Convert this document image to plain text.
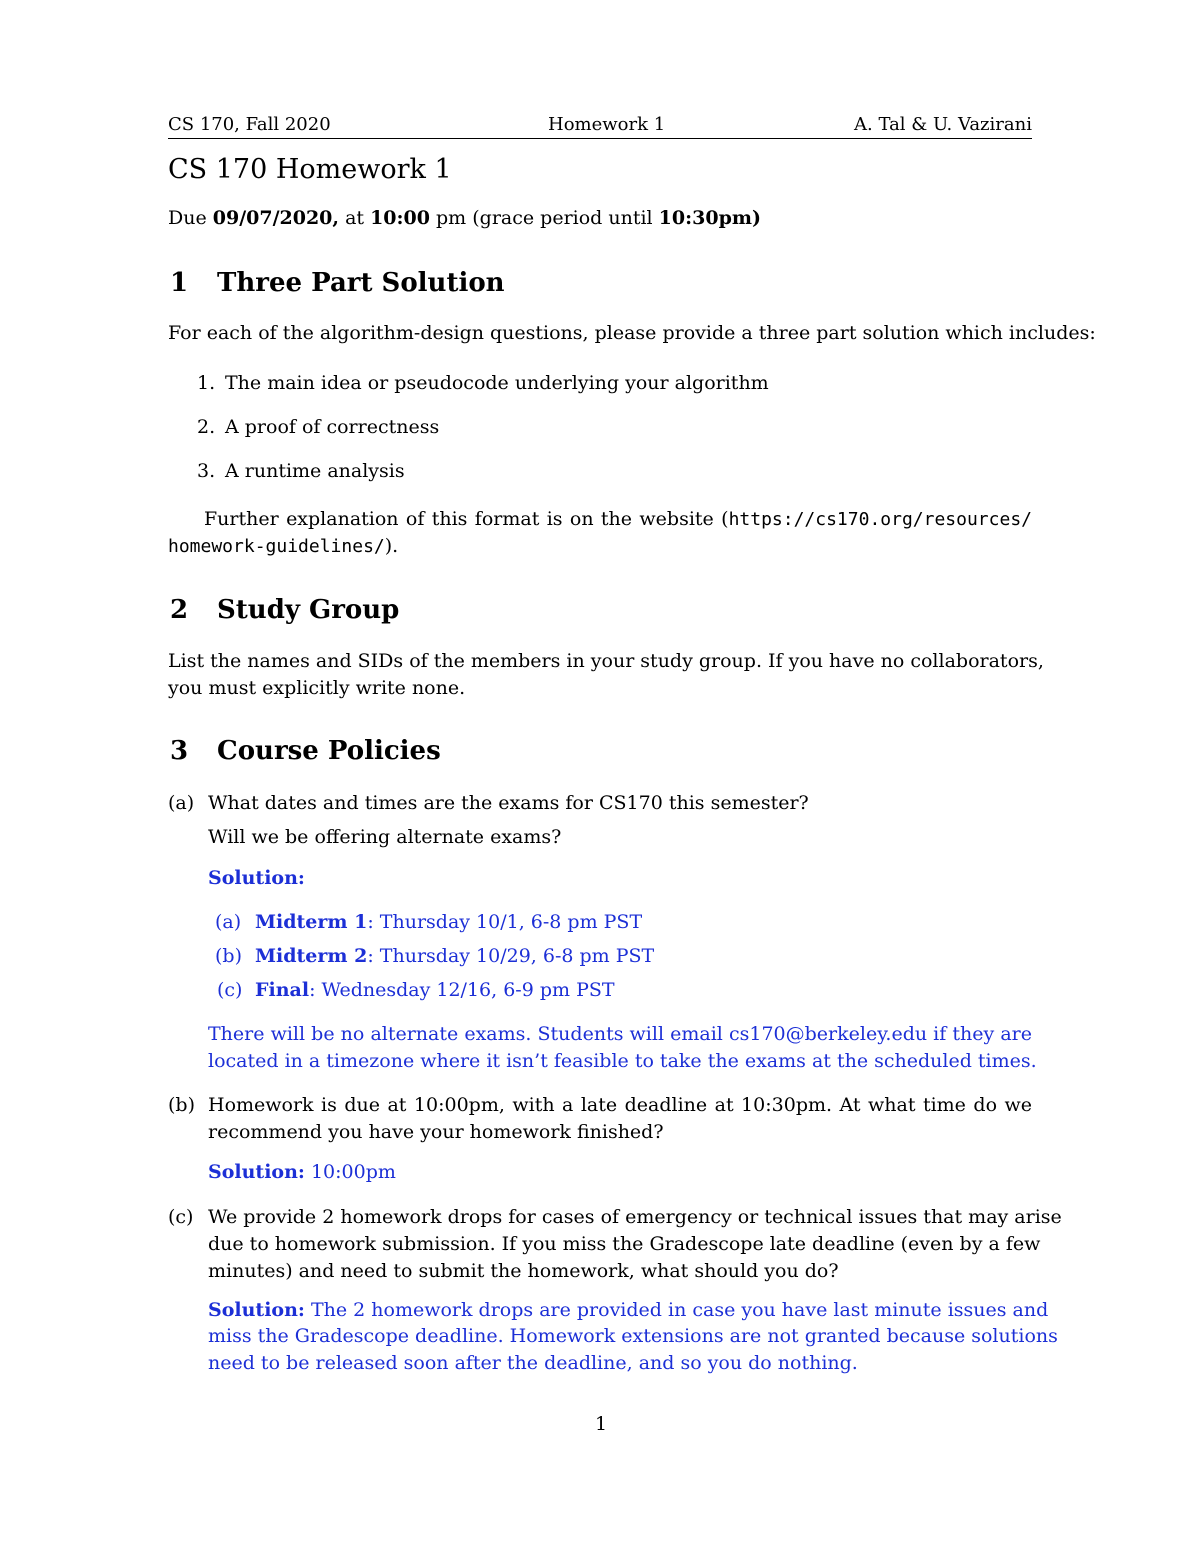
CS 170, Fall 2020	Homework 1	A. Tal & U. Vazirani
CS 170 Homework 1
Due 09/07/2020, at 10:00 pm (grace period until 10:30pm)
1 Three Part Solution
For each of the algorithm-design questions, please provide a three part solution which includes:
1. The main idea or pseudocode underlying your algorithm
2. A proof of correctness
3. A runtime analysis
Further explanation of this format is on the website (https://cs170.org/resources/
homework-guidelines/).
2 Study Group
List the names and SIDs of the members in your study group. If you have no collaborators,
you must explicitly write none.
3 Course Policies
(a) What dates and times are the exams for CS170 this semester?
Will we be offering alternate exams?
Solution:
(a) Midterm 1: Thursday 10/1, 6-8 pm PST
(b) Midterm 2: Thursday 10/29, 6-8 pm PST
(c) Final: Wednesday 12/16, 6-9 pm PST
There will be no alternate exams. Students will email cs170@berkeley.edu if they are
located in a timezone where it isn’t feasible to take the exams at the scheduled times.
(b) Homework is due at 10:00pm, with a late deadline at 10:30pm. At what time do we
recommend you have your homework finished?
Solution: 10:00pm
(c) We provide 2 homework drops for cases of emergency or technical issues that may arise
due to homework submission. If you miss the Gradescope late deadline (even by a few
minutes) and need to submit the homework, what should you do?
Solution: The 2 homework drops are provided in case you have last minute issues and
miss the Gradescope deadline. Homework extensions are not granted because solutions
need to be released soon after the deadline, and so you do nothing.
1
